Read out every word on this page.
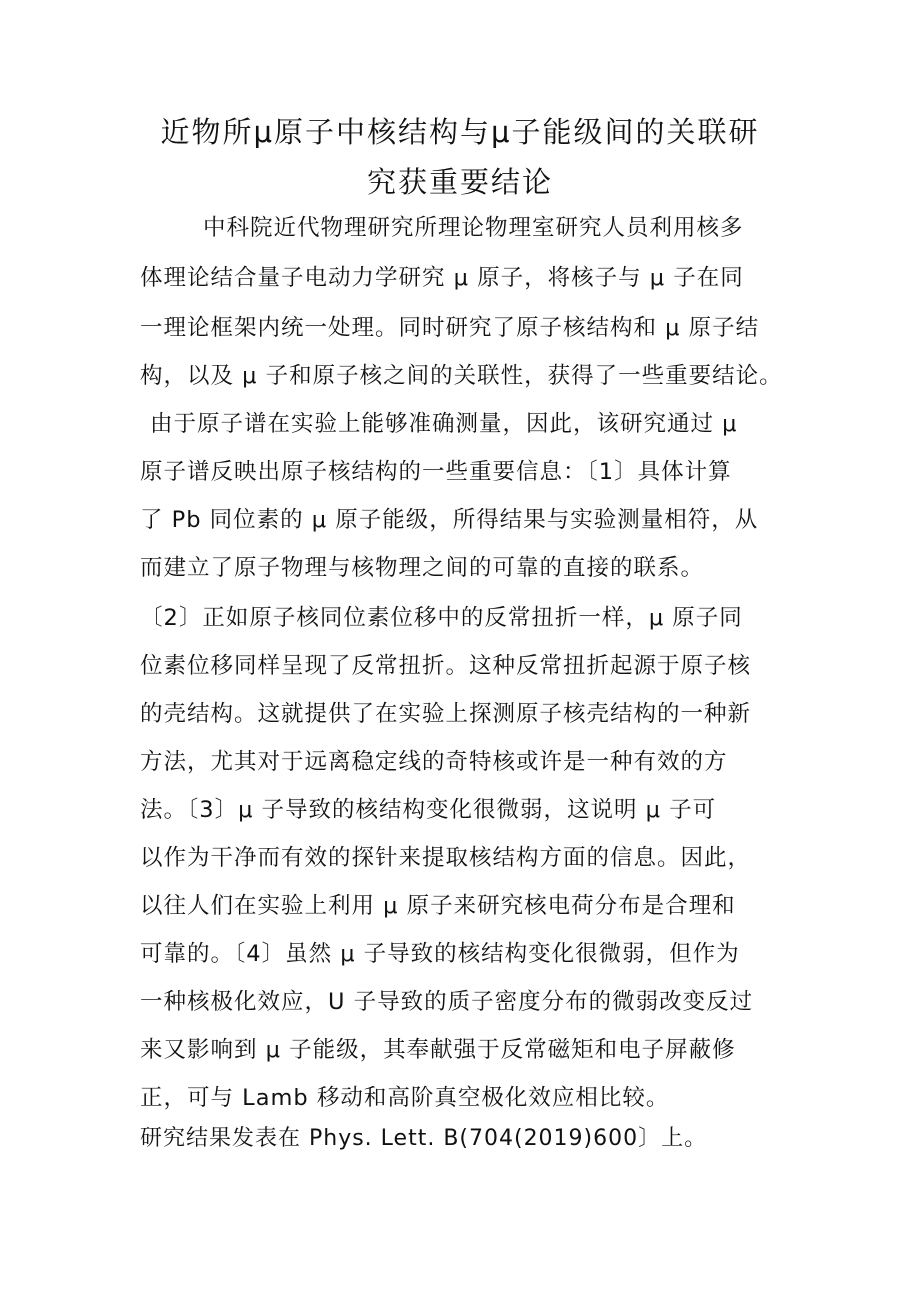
近物所μ原子中核结构与μ子能级间的关联研
究获重要结论
中科院近代物理研究所理论物理室研究人员利用核多
体理论结合量子电动力学研究 μ 原子，将核子与 μ 子在同
一理论框架内统一处理。同时研究了原子核结构和 μ 原子结
构，以及 μ 子和原子核之间的关联性，获得了一些重要结论。
由于原子谱在实验上能够准确测量，因此，该研究通过 μ
原子谱反映出原子核结构的一些重要信息：〔1〕具体计算
了 Pb 同位素的 μ 原子能级，所得结果与实验测量相符，从
而建立了原子物理与核物理之间的可靠的直接的联系。
〔2〕正如原子核同位素位移中的反常扭折一样，μ 原子同
位素位移同样呈现了反常扭折。这种反常扭折起源于原子核
的壳结构。这就提供了在实验上探测原子核壳结构的一种新
方法，尤其对于远离稳定线的奇特核或许是一种有效的方
法。〔3〕μ 子导致的核结构变化很微弱，这说明 μ 子可
以作为干净而有效的探针来提取核结构方面的信息。因此，
以往人们在实验上利用 μ 原子来研究核电荷分布是合理和
可靠的。〔4〕虽然 μ 子导致的核结构变化很微弱，但作为
一种核极化效应，U 子导致的质子密度分布的微弱改变反过
来又影响到 μ 子能级，其奉献强于反常磁矩和电子屏蔽修
正，可与 Lamb 移动和高阶真空极化效应相比较。
研究结果发表在 Phys. Lett. B(704(2019)600〕上。
